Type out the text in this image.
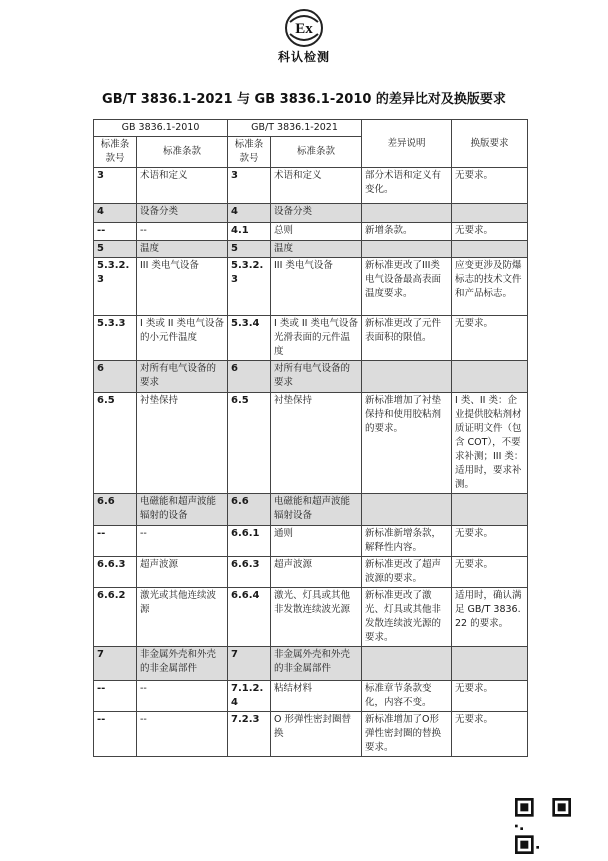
Ex
科认检测
GB/T 3836.1-2021 与 GB 3836.1-2010 的差异比对及换版要求
GB 3836.1-2010		GB/T 3836.1-2021		差异说明	换版要求
标准条款号	标准条款	标准条款号	标准条款		
3	术语和定义	3	术语和定义	部分术语和定义有变化。	无要求。
4	设备分类	4	设备分类		
--	--	4.1	总则	新增条款。	无要求。
5	温度	5	温度		
5.3.2.3	III 类电气设备	5.3.2.3	III 类电气设备	新标准更改了III类电气设备最高表面温度要求。	应变更涉及防爆标志的技术文件和产品标志。
5.3.3	I 类或 II 类电气设备的小元件温度	5.3.4	I 类或 II 类电气设备光滑表面的元件温度	新标准更改了元件表面积的限值。	无要求。
6	对所有电气设备的要求	6	对所有电气设备的要求		
6.5	衬垫保持	6.5	衬垫保持	新标准增加了衬垫保持和使用胶粘剂的要求。	I 类、II 类：企业提供胶粘剂材质证明文件（包含 COT），不要求补测；III 类：适用时，要求补测。
6.6	电磁能和超声波能辐射的设备	6.6	电磁能和超声波能辐射设备		
--	--	6.6.1	通则	新标准新增条款，解释性内容。	无要求。
6.6.3	超声波源	6.6.3	超声波源	新标准更改了超声波源的要求。	无要求。
6.6.2	激光或其他连续波源	6.6.4	激光、灯具或其他非发散连续波光源	新标准更改了激光、灯具或其他非发散连续波光源的要求。	适用时，确认满足 GB/T 3836.22 的要求。
7	非金属外壳和外壳的非金属部件	7	非金属外壳和外壳的非金属部件		
--	--	7.1.2.4	粘结材料	标准章节条款变化，内容不变。	无要求。
--	--	7.2.3	O 形弹性密封圈替换	新标准增加了O形弹性密封圈的替换要求。	无要求。
